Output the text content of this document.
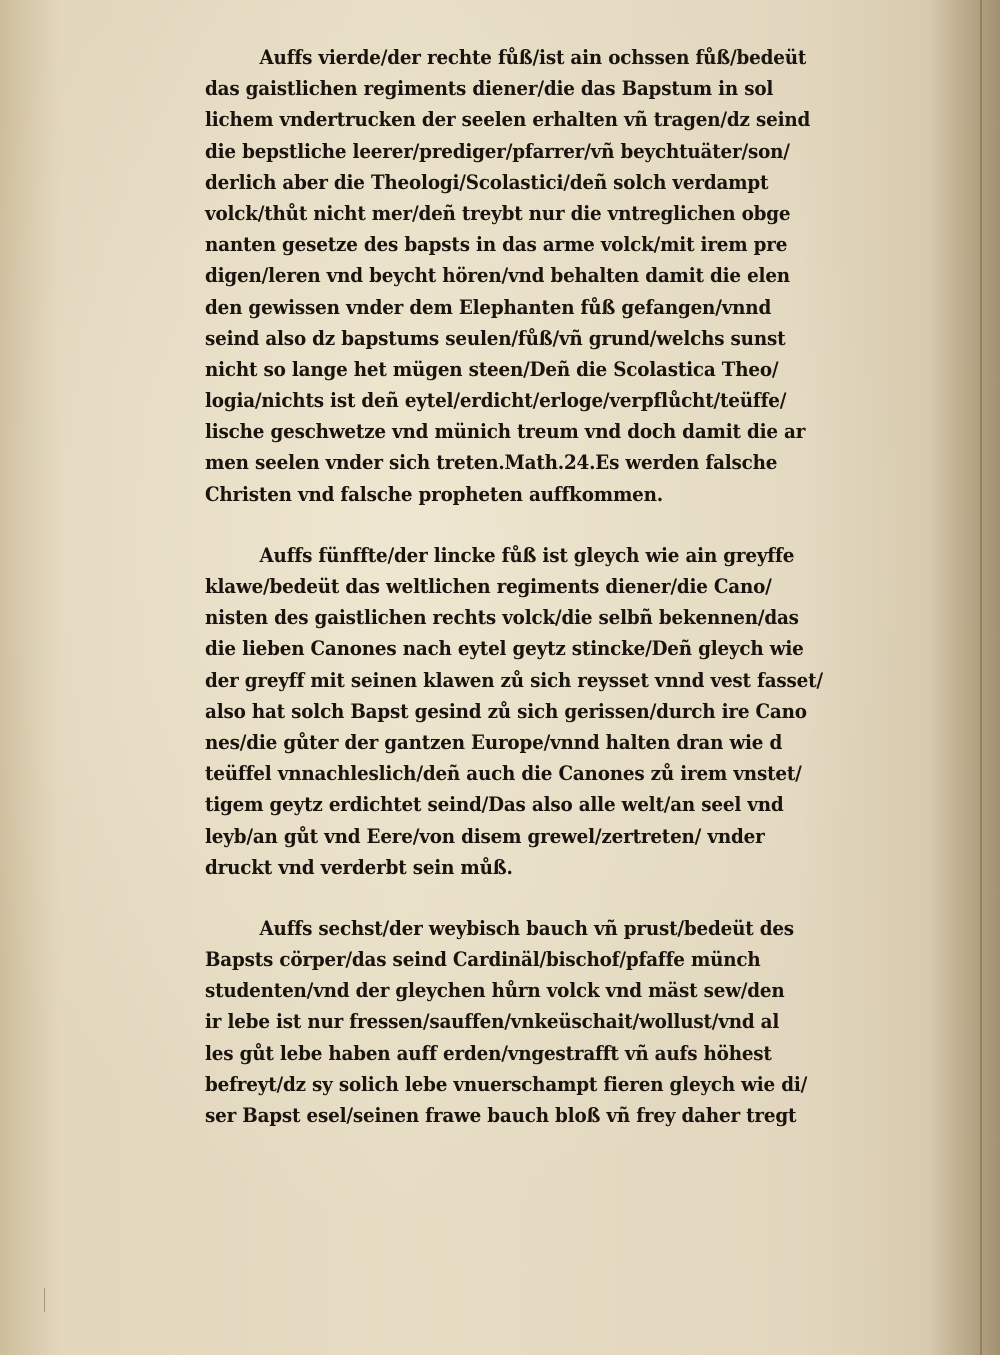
Auffs vierde/der rechte fůß/ist ain ochssen fůß/bedeüt
das gaistlichen regiments diener/die das Bapstum in sol
lichem vndertrucken der seelen erhalten vñ tragen/dz seind
die bepstliche leerer/prediger/pfarrer/vñ beychtuäter/son/
derlich aber die Theologi/Scolastici/deñ solch verdampt
volck/thůt nicht mer/deñ treybt nur die vntreglichen obge
nanten gesetze des bapsts in das arme volck/mit irem pre
digen/leren vnd beycht hören/vnd behalten damit die elen
den gewissen vnder dem Elephanten fůß gefangen/vnnd
seind also dz bapstums seulen/fůß/vñ grund/welchs sunst
nicht so lange het mügen steen/Deñ die Scolastica Theo/
logia/nichts ist deñ eytel/erdicht/erloge/verpflůcht/teüffe/
lische geschwetze vnd münich treum vnd doch damit die ar
men seelen vnder sich treten.Math.24.Es werden falsche
Christen vnd falsche propheten auffkommen.
Auffs fünffte/der lincke fůß ist gleych wie ain greyffe
klawe/bedeüt das weltlichen regiments diener/die Cano/
nisten des gaistlichen rechts volck/die selbñ bekennen/das
die lieben Canones nach eytel geytz stincke/Deñ gleych wie
der greyff mit seinen klawen zů sich reysset vnnd vest fasset/
also hat solch Bapst gesind zů sich gerissen/durch ire Cano
nes/die gůter der gantzen Europe/vnnd halten dran wie d
teüffel vnnachleslich/deñ auch die Canones zů irem vnstet/
tigem geytz erdichtet seind/Das also alle welt/an seel vnd
leyb/an gůt vnd Eere/von disem grewel/zertreten/ vnder
druckt vnd verderbt sein můß.
Auffs sechst/der weybisch bauch vñ prust/bedeüt des
Bapsts cörper/das seind Cardinäl/bischof/pfaffe münch
studenten/vnd der gleychen hůrn volck vnd mäst sew/den
ir lebe ist nur fressen/sauffen/vnkeüschait/wollust/vnd al
les gůt lebe haben auff erden/vngestrafft vñ aufs höhest
befreyt/dz sy solich lebe vnuerschampt fieren gleych wie di/
ser Bapst esel/seinen frawe bauch bloß vñ frey daher tregt
